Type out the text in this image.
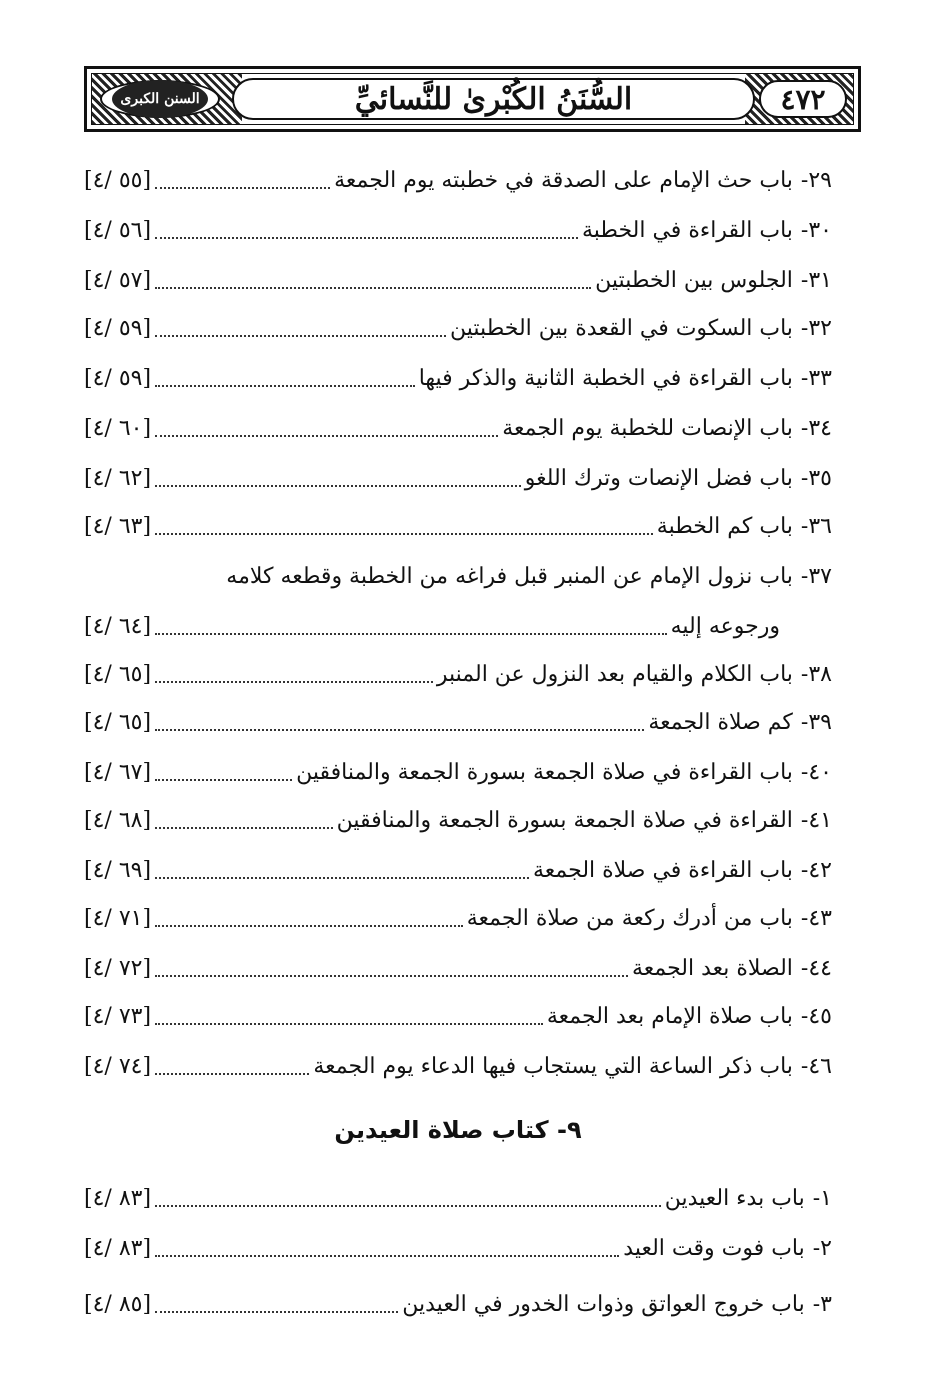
السنن الكبرى	السُّنَنُ الكُبْرىٰ للنَّسائيِّ	٤٧٢
٢٩-
باب حث الإمام على الصدقة في خطبته يوم الجمعة
[٥٥ /٤]
٣٠-
باب القراءة في الخطبة
[٥٦ /٤]
٣١-
الجلوس بين الخطبتين
[٥٧ /٤]
٣٢-
باب السكوت في القعدة بين الخطبتين
[٥٩ /٤]
٣٣-
باب القراءة في الخطبة الثانية والذكر فيها
[٥٩ /٤]
٣٤-
باب الإنصات للخطبة يوم الجمعة
[٦٠ /٤]
٣٥-
باب فضل الإنصات وترك اللغو
[٦٢ /٤]
٣٦-
باب كم الخطبة
[٦٣ /٤]
٣٧-
باب نزول الإمام عن المنبر قبل فراغه من الخطبة وقطعه كلامه
ورجوعه إليه
[٦٤ /٤]
٣٨-
باب الكلام والقيام بعد النزول عن المنبر
[٦٥ /٤]
٣٩-
كم صلاة الجمعة
[٦٥ /٤]
٤٠-
باب القراءة في صلاة الجمعة بسورة الجمعة والمنافقين
[٦٧ /٤]
٤١-
القراءة في صلاة الجمعة بسورة الجمعة والمنافقين
[٦٨ /٤]
٤٢-
باب القراءة في صلاة الجمعة
[٦٩ /٤]
٤٣-
باب من أدرك ركعة من صلاة الجمعة
[٧١ /٤]
٤٤-
الصلاة بعد الجمعة
[٧٢ /٤]
٤٥-
باب صلاة الإمام بعد الجمعة
[٧٣ /٤]
٤٦-
باب ذكر الساعة التي يستجاب فيها الدعاء يوم الجمعة
[٧٤ /٤]
٩- كتاب صلاة العيدين
١-
باب بدء العيدين
[٨٣ /٤]
٢-
باب فوت وقت العيد
[٨٣ /٤]
٣-
باب خروج العواتق وذوات الخدور في العيدين
[٨٥ /٤]
